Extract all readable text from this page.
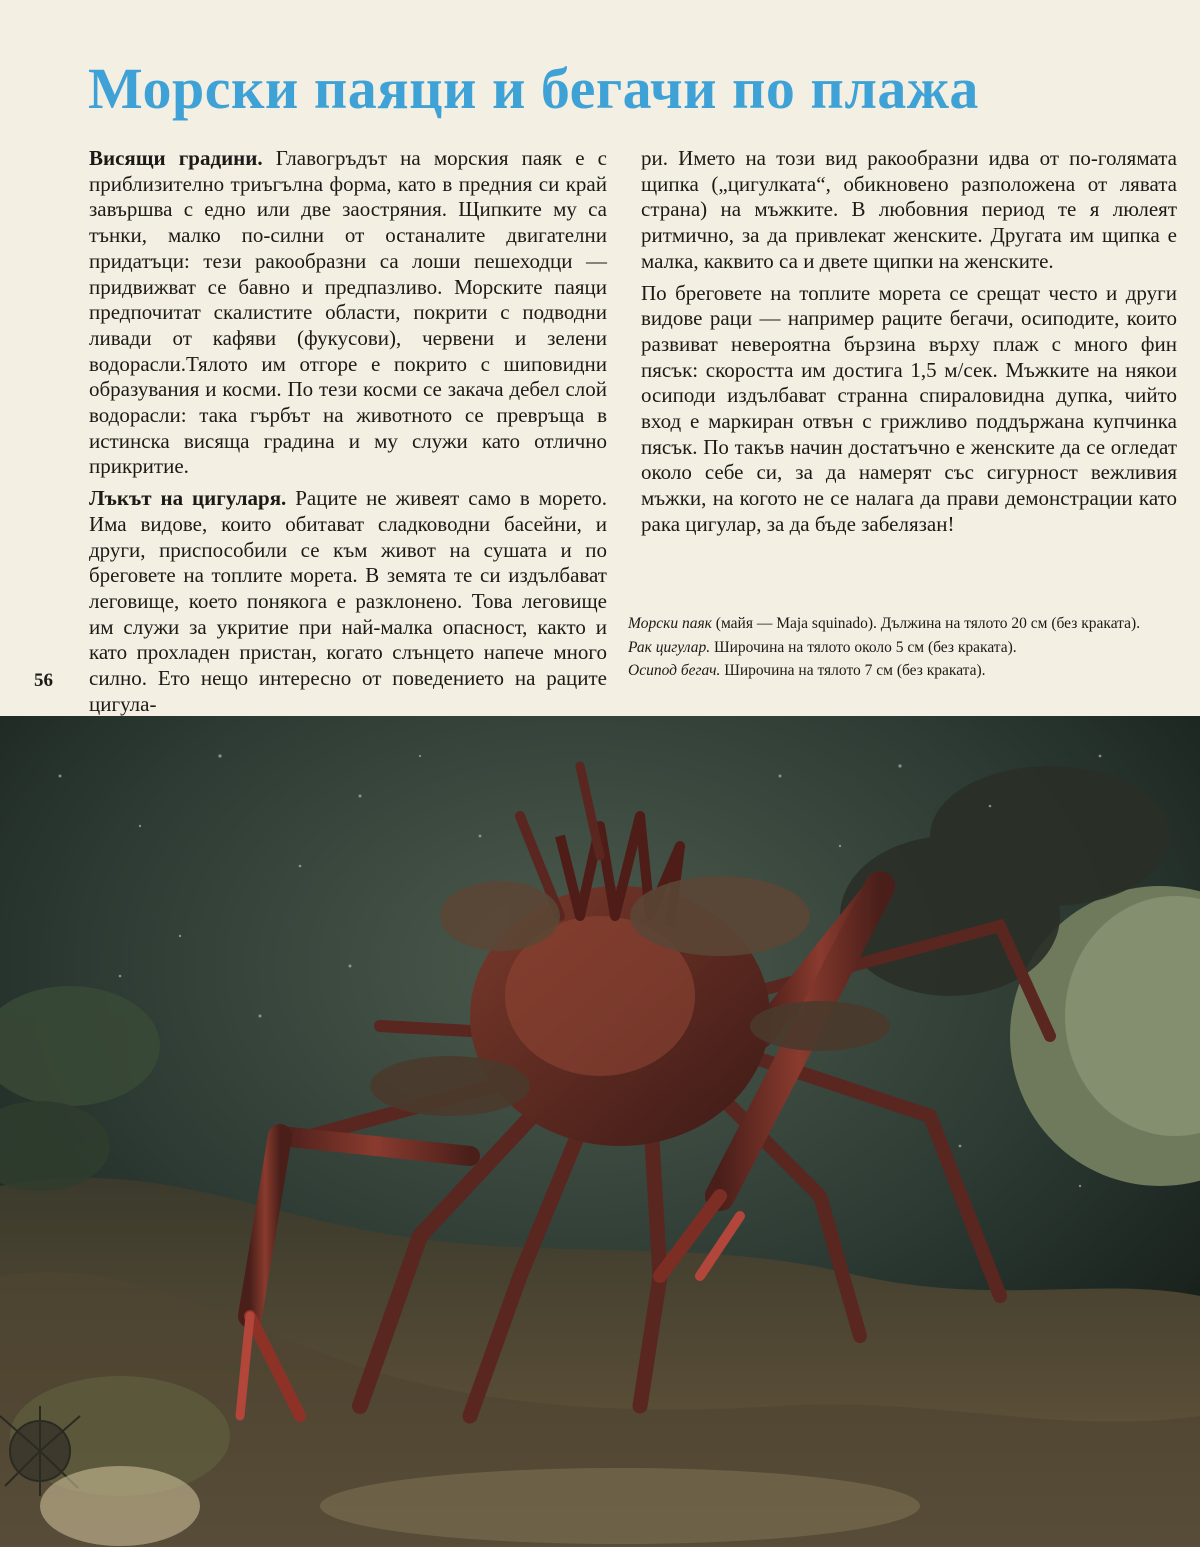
Морски паяци и бегачи по плажа

Висящи градини. Главогръдът на морския паяк е с приблизително триъгълна форма, като в предния си край завършва с едно или две заостряния. Щипките му са тънки, малко по-силни от останалите двигателни придатъци: тези ракообразни са лоши пешеходци — придвижват се бавно и предпазливо. Морските паяци предпочитат скалистите области, покрити с подводни ливади от кафяви (фукусови), червени и зелени водорасли.Тялото им отгоре е покрито с шиповидни образувания и косми. По тези косми се закача дебел слой водорасли: така гърбът на животното се превръща в истинска висяща градина и му служи като отлично прикритие.

Лъкът на цигуларя. Раците не живеят само в морето. Има видове, които обитават сладководни басейни, и други, приспособили се към живот на сушата и по бреговете на топлите морета. В земята те си издълбават леговище, което понякога е разклонено. Това леговище им служи за укритие при най-малка опасност, както и като прохладен пристан, когато слънцето напече много силно. Ето нещо интересно от поведението на раците цигула-

56

ри. Името на този вид ракообразни идва от по-голямата щипка („цигулката“, обикновено разположена от лявата страна) на мъжките. В любовния период те я люлеят ритмично, за да привлекат женските. Другата им щипка е малка, каквито са и двете щипки на женските.

По бреговете на топлите морета се срещат често и други видове раци — например раците бегачи, осиподите, които развиват невероятна бързина върху плаж с много фин пясък: скоростта им достига 1,5 м/сек. Мъжките на някои осиподи издълбават странна спираловидна дупка, чийто вход е маркиран отвън с грижливо поддържана купчинка пясък. По такъв начин достатъчно е женските да се огледат около себе си, за да намерят със сигурност вежливия мъжки, на когото не се налага да прави демонстрации като рака цигулар, за да бъде забелязан!

Морски паяк (майя — Maja squinado). Дължина на тялото 20 см (без краката).

Рак цигулар. Широчина на тялото около 5 см (без краката).

Осипод бегач. Широчина на тялото 7 см (без краката).
